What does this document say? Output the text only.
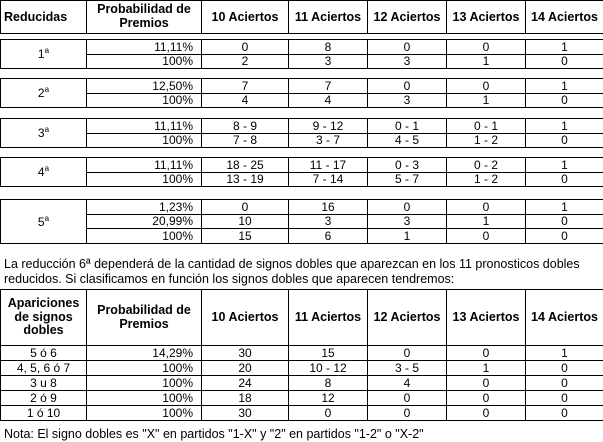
Reducidas	Probabilidad de Premios	10 Aciertos	11 Aciertos	12 Aciertos	13 Aciertos	14 Aciertos
1$^a$	11,11%	0	8	0	0	1
	100%	2	3	3	1	0
2$^a$	12,50%	7	7	0	0	1
	100%	4	4	3	1	0
3$^a$	11,11%	8 - 9	9 - 12	0 - 1	0 - 1	1
	100%	7 - 8	3 - 7	4 - 5	1 - 2	0
4$^a$	11,11%	18 - 25	11 - 17	0 - 3	0 - 2	1
	100%	13 - 19	7 - 14	5 - 7	1 - 2	0
5$^a$	1,23%	0	16	0	0	1
	20,99%	10	3	3	1	0
	100%	15	6	1	0	0
La reducción 6ª dependerá de la cantidad de signos dobles que aparezcan en los 11 pronosticos dobles reducidos. Si clasificamos en función los signos dobles que aparecen tendremos:
Apariciones de signos dobles	Probabilidad de Premios	10 Aciertos	11 Aciertos	12 Aciertos	13 Aciertos	14 Aciertos
5 ó 6	14,29%	30	15	0	0	1
4, 5, 6 ó 7	100%	20	10 - 12	3 - 5	1	0
3 u 8	100%	24	8	4	0	0
2 ó 9	100%	18	12	0	0	0
1 ó 10	100%	30	0	0	0	0
Nota: El signo dobles es "X" en partidos "1-X" y "2" en partidos "1-2" o "X-2"
